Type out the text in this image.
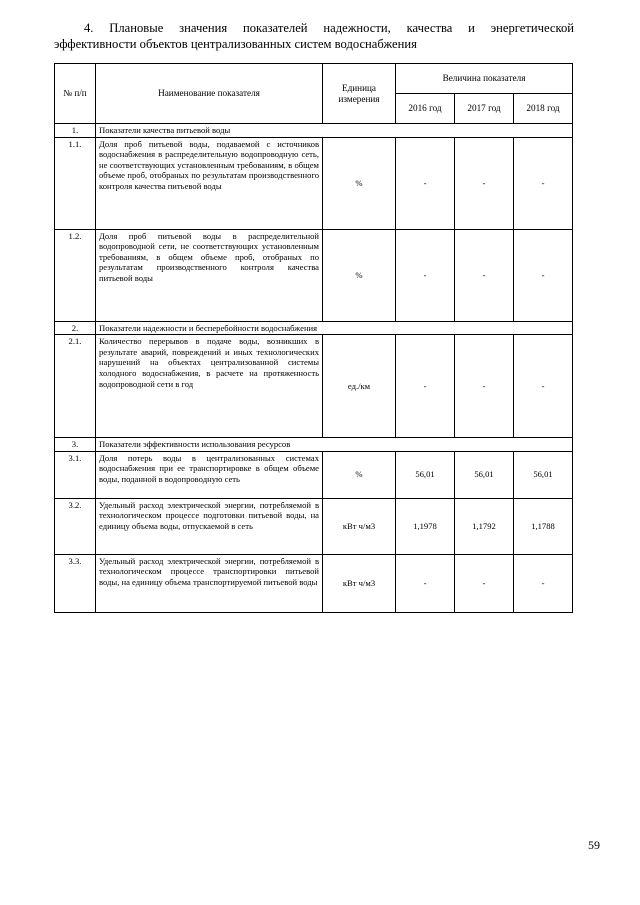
4. Плановые значения показателей надежности, качества и энергетической
эффективности объектов централизованных систем водоснабжения
№ п/п	Наименование показателя	Единица измерения	Величина показателя		
			2016 год	2017 год	2018 год
1.	Показатели качества питьевой воды				
1.1.	Доля проб питьевой воды, подаваемой с источников водоснабжения в распределительную водопроводную сеть, не соответствующих установленным требованиям, в общем объеме проб, отобраных по результатам производственного контроля качества питьевой воды	%	-	-	-
1.2.	Доля проб питьевой воды в распределительной водопроводной сети, не соответствующих установленным требованиям, в общем объеме проб, отобраных по результатам производственного контроля качества питьевой воды	%	-	-	-
2.	Показатели надежности и бесперебойности водоснабжения				
2.1.	Количество перерывов в подаче воды, возникших в результате аварий, повреждений и иных технологических нарушений на объектах централизованной системы холодного водоснабжения, в расчете на протяженность водопроводной сети в год	ед./км	-	-	-
3.	Показатели эффективности использования ресурсов				
3.1.	Доля потерь воды в централизованных системах водоснабжения при ее транспортировке в общем объеме воды, поданной в водопроводную сеть	%	56,01	56,01	56,01
3.2.	Удельный расход электрической энергии, потребляемой в технологическом процессе подготовки питьевой воды, на единицу объема воды, отпускаемой в сеть	кВт ч/м3	1,1978	1,1792	1,1788
3.3.	Удельный расход электрической энергии, потребляемой в технологическом процессе транспортировки питьевой воды, на единицу объема транспортируемой питьевой воды	кВт ч/м3	-	-	-
59
